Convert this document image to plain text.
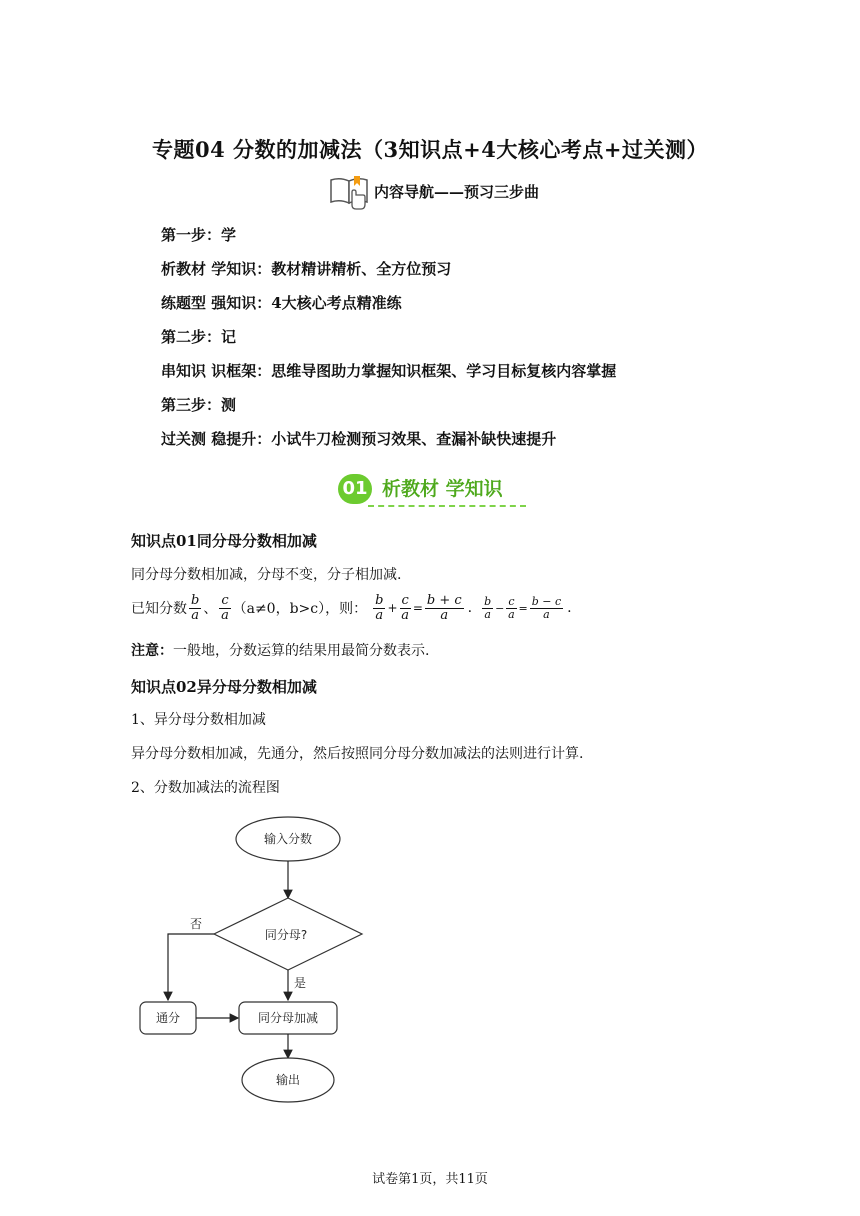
专题04 分数的加减法（3知识点+4大核心考点+过关测）
内容导航——预习三步曲
第一步：学
析教材 学知识：教材精讲精析、全方位预习
练题型 强知识：4大核心考点精准练
第二步：记
串知识 识框架：思维导图助力掌握知识框架、学习目标复核内容掌握
第三步：测
过关测 稳提升：小试牛刀检测预习效果、查漏补缺快速提升
01 析教材 学知识
知识点01同分母分数相加减
同分母分数相加减，分母不变，分子相加减.
已知分数 $\frac{b}{a}$ 、 $\frac{c}{a} (a\ne 0$，b>c），则： $\frac{b}{a} + \frac{c}{a} = \frac{b + c}{a}$ . $\frac{b}{a} - \frac{c}{a} = \frac{b - c}{a}$ .
注意：一般地，分数运算的结果用最简分数表示.
知识点02异分母分数相加减
1、异分母分数相加减
异分母分数相加减，先通分，然后按照同分母分数加减法的法则进行计算.
2、分数加减法的流程图
输入分数
同分母?
否
是
通分	同分母加减
输出
试卷第1页，共11页
